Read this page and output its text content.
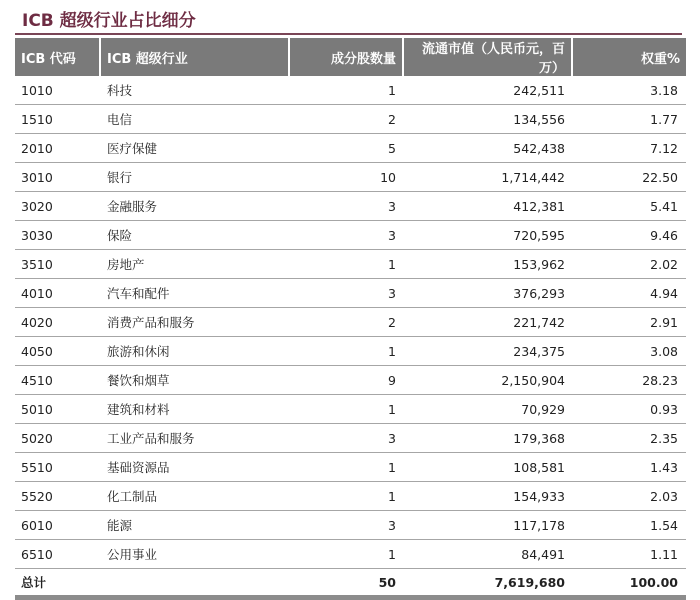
ICB 超级行业占比细分
ICB 代码	ICB 超级行业	成分股数量	流通市值（人民币元，百万）	权重%
1010	科技	1	242,511	3.18
1510	电信	2	134,556	1.77
2010	医疗保健	5	542,438	7.12
3010	银行	10	1,714,442	22.50
3020	金融服务	3	412,381	5.41
3030	保险	3	720,595	9.46
3510	房地产	1	153,962	2.02
4010	汽车和配件	3	376,293	4.94
4020	消费产品和服务	2	221,742	2.91
4050	旅游和休闲	1	234,375	3.08
4510	餐饮和烟草	9	2,150,904	28.23
5010	建筑和材料	1	70,929	0.93
5020	工业产品和服务	3	179,368	2.35
5510	基础资源品	1	108,581	1.43
5520	化工制品	1	154,933	2.03
6010	能源	3	117,178	1.54
6510	公用事业	1	84,491	1.11
总计		50	7,619,680	100.00
